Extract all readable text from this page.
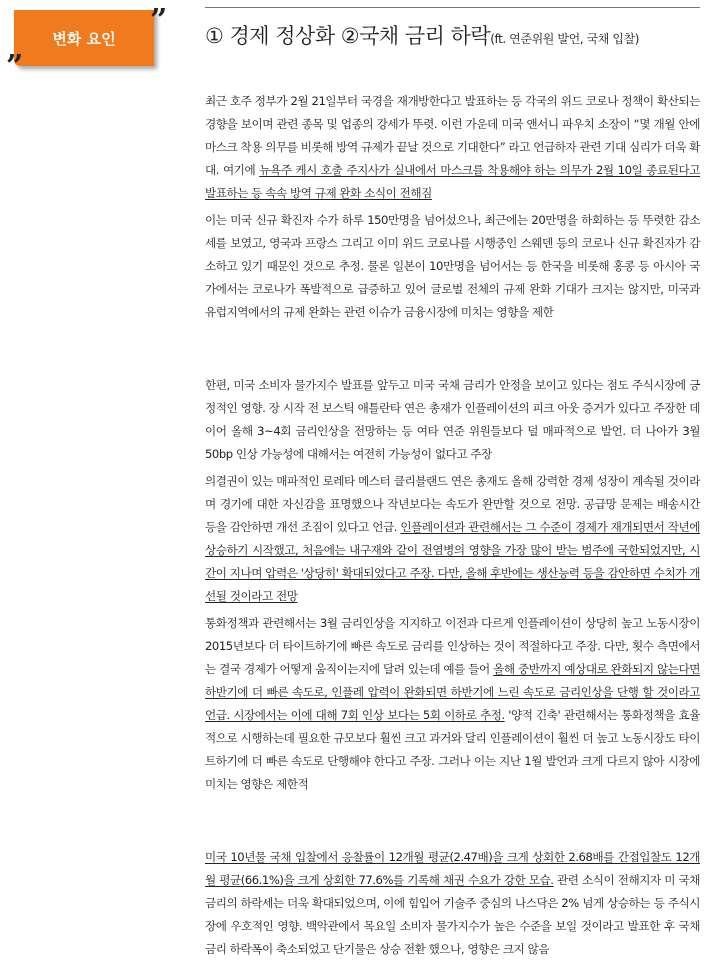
변화 요인
”
”
① 경제 정상화 ②국채 금리 하락(ft. 연준위원 발언, 국채 입찰)

최근 호주 정부가 2월 21일부터 국경을 재개방한다고 발표하는 등 각국의 위드 코로나 정책이 확산되는 경향을 보이며 관련 종목 및 업종의 강세가 뚜렷. 이런 가운데 미국 앤서니 파우치 소장이 “몇 개월 안에 마스크 착용 의무를 비롯해 방역 규제가 끝날 것으로 기대한다” 라고 언급하자 관련 기대 심리가 더욱 확대. 여기에 뉴욕주 케시 호출 주지사가 실내에서 마스크를 착용해야 하는 의무가 2월 10일 종료된다고 발표하는 등 속속 방역 규제 완화 소식이 전해짐

이는 미국 신규 확진자 수가 하루 150만명을 넘어섰으나, 최근에는 20만명을 하회하는 등 뚜렷한 감소세를 보였고, 영국과 프랑스 그리고 이미 위드 코로나를 시행중인 스웨덴 등의 코로나 신규 확진자가 감소하고 있기 때문인 것으로 추정. 물론 일본이 10만명을 넘어서는 등 한국을 비롯해 홍콩 등 아시아 국가에서는 코로나가 폭발적으로 급증하고 있어 글로벌 전체의 규제 완화 기대가 크지는 않지만, 미국과 유럽지역에서의 규제 완화는 관련 이슈가 금융시장에 미치는 영향을 제한

한편, 미국 소비자 물가지수 발표를 앞두고 미국 국채 금리가 안정을 보이고 있다는 점도 주식시장에 긍정적인 영향. 장 시작 전 보스틱 애틀란타 연은 총재가 인플레이션의 피크 아웃 증거가 있다고 주장한 데 이어 올해 3~4회 금리인상을 전망하는 등 여타 연준 위원들보다 덜 매파적으로 발언. 더 나아가 3월 50bp 인상 가능성에 대해서는 여전히 가능성이 없다고 주장

의결권이 있는 매파적인 로레타 메스터 클리블랜드 연은 총재도 올해 강력한 경제 성장이 계속될 것이라며 경기에 대한 자신감을 표명했으나 작년보다는 속도가 완만할 것으로 전망. 공급망 문제는 배송시간 등을 감안하면 개선 조짐이 있다고 언급. 인플레이션과 관련해서는 그 수준이 경제가 재개되면서 작년에 상승하기 시작했고, 처음에는 내구재와 같이 전염병의 영향을 가장 많이 받는 범주에 국한되었지만, 시간이 지나며 압력은 '상당히' 확대되었다고 주장. 다만, 올해 후반에는 생산능력 등을 감안하면 수치가 개선될 것이라고 전망

통화정책과 관련해서는 3월 금리인상을 지지하고 이전과 다르게 인플레이션이 상당히 높고 노동시장이 2015년보다 더 타이트하기에 빠른 속도로 금리를 인상하는 것이 적절하다고 주장. 다만, 횟수 측면에서는 결국 경제가 어떻게 움직이는지에 달려 있는데 예를 들어 올해 중반까지 예상대로 완화되지 않는다면 하반기에 더 빠른 속도로, 인플레 압력이 완화되면 하반기에 느린 속도로 금리인상을 단행 할 것이라고 언급. 시장에서는 이에 대해 7회 인상 보다는 5회 이하로 추정. '양적 긴축' 관련해서는 통화정책을 효율적으로 시행하는데 필요한 규모보다 훨씬 크고 과거와 달리 인플레이션이 훨씬 더 높고 노동시장도 타이트하기에 더 빠른 속도로 단행해야 한다고 주장. 그러나 이는 지난 1월 발언과 크게 다르지 않아 시장에 미치는 영향은 제한적

미국 10년물 국채 입찰에서 응찰률이 12개월 평균(2.47배)을 크게 상회한 2.68배를 간접입찰도 12개월 평균(66.1%)을 크게 상회한 77.6%를 기록해 채권 수요가 강한 모습. 관련 소식이 전해지자 미 국채 금리의 하락세는 더욱 확대되었으며, 이에 힘입어 기술주 중심의 나스닥은 2% 넘게 상승하는 등 주식시장에 우호적인 영향. 백악관에서 목요일 소비자 물가지수가 높은 수준을 보일 것이라고 발표한 후 국채 금리 하락폭이 축소되었고 단기물은 상승 전환 했으나, 영향은 크지 않음
